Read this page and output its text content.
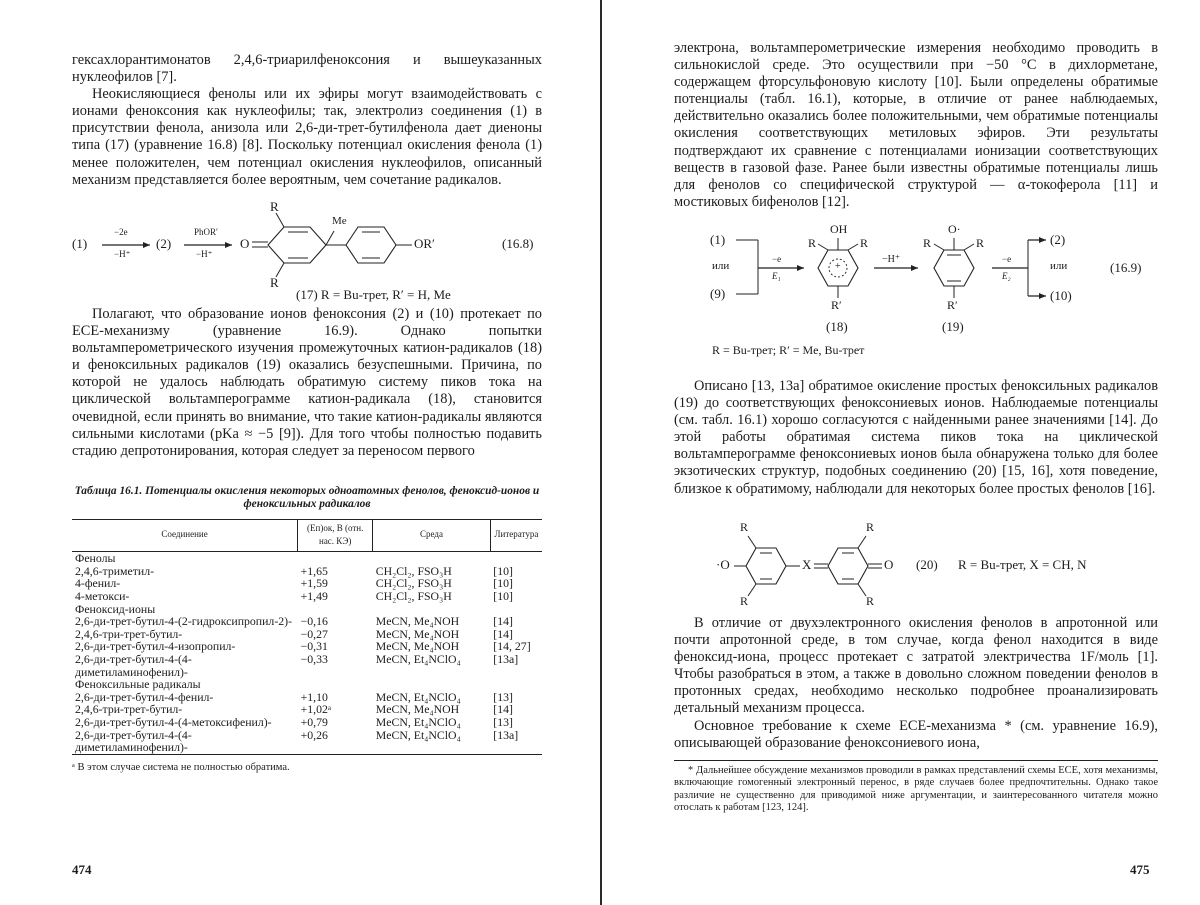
гексахлорантимонатов 2,4,6-триарилфеноксония и вышеуказанных нуклеофилов [7].

Неокисляющиеся фенолы или их эфиры могут взаимодействовать с ионами феноксония как нуклеофилы; так, электролиз соединения (1) в присутствии фенола, анизола или 2,6-ди-трет-бутилфенола дает диеноны типа (17) (уравнение 16.8) [8]. Поскольку потенциал окисления фенола (1) менее положителен, чем потенциал окисления нуклеофилов, описанный механизм представляется более вероятным, чем сочетание радикалов.

(1)
−2e
−H⁺
(2)
PhOR′
−H⁺
O
R
Me
R
OR′	(16.8)
(17) R = Bu-трет, R′ = H, Me

Полагают, что образование ионов феноксония (2) и (10) протекает по ECE-механизму (уравнение 16.9). Однако попытки вольтамперометрического изучения промежуточных катион-радикалов (18) и феноксильных радикалов (19) оказались безуспешными. Причина, по которой не удалось наблюдать обратимую систему пиков тока на циклической вольтамперограмме катион-радикала (18), становится очевидной, если принять во внимание, что такие катион-радикалы являются сильными кислотами (pKa ≈ −5 [9]). Для того чтобы полностью подавить стадию депротонирования, которая следует за переносом первого

Таблица 16.1. Потенциалы окисления некоторых одноатомных фенолов, феноксид-ионов и феноксильных радикалов
Соединение	(Eп)ок, В (отн. нас. КЭ)	Среда	Литература
Фенолы			
2,4,6-триметил-	+1,65	CH₂Cl₂, FSO₃H	[10]
4-фенил-	+1,59	CH₂Cl₂, FSO₃H	[10]
4-метокси-	+1,49	CH₂Cl₂, FSO₃H	[10]
Феноксид-ионы			
2,6-ди-трет-бутил-4-(2-гидроксипропил-2)-	−0,16	MeCN, Me₄NOH	[14]
2,4,6-три-трет-бутил-	−0,27	MeCN, Me₄NOH	[14]
2,6-ди-трет-бутил-4-изопропил-	−0,31	MeCN, Me₄NOH	[14, 27]
2,6-ди-трет-бутил-4-(4-диметиламинофенил)-	−0,33	MeCN, Et₄NClO₄	[13а]
Феноксильные радикалы			
2,6-ди-трет-бутил-4-фенил-	+1,10	MeCN, Et₄NClO₄	[13]
2,4,6-три-трет-бутил-	+1,02ᵃ	MeCN, Me₄NOH	[14]
2,6-ди-трет-бутил-4-(4-метоксифенил)-	+0,79	MeCN, Et₄NClO₄	[13]
2,6-ди-трет-бутил-4-(4-диметиламинофенил)-	+0,26	MeCN, Et₄NClO₄	[13а]
ᵃ В этом случае система не полностью обратима.
474

электрона, вольтамперометрические измерения необходимо проводить в сильнокислой среде. Это осуществили при −50 °C в дихлорметане, содержащем фторсульфоновую кислоту [10]. Были определены обратимые потенциалы (табл. 16.1), которые, в отличие от ранее наблюдаемых, действительно оказались более положительными, чем обратимые потенциалы окисления соответствующих метиловых эфиров. Эти результаты подтверждают их сравнение с потенциалами ионизации соответствующих веществ в газовой фазе. Ранее были известны обратимые потенциалы лишь для фенолов со специфической структурой — α-токоферола [11] и мостиковых бифенолов [12].

(1)
или
(9)
−e
E₁
OH
R	R
+
R′
(18)
−H⁺
O·
R	R
R′
(19)
−e
E₂
(2)
или
(10)
(16.9)
R = Bu-трет; R′ = Me, Bu-трет

Описано [13, 13а] обратимое окисление простых феноксильных радикалов (19) до соответствующих феноксониевых ионов. Наблюдаемые потенциалы (см. табл. 16.1) хорошо согласуются с найденными ранее значениями [14]. До этой работы обратимая система пиков тока на циклической вольтамперограмме феноксониевых ионов была обнаружена только для более экзотических структур, подобных соединению (20) [15, 16], хотя поведение, близкое к обратимому, наблюдали для некоторых более простых фенолов [16].

·O
R
R
X
R
R
O (20) R = Bu-трет, X = CH, N

В отличие от двухэлектронного окисления фенолов в апротонной или почти апротонной среде, в том случае, когда фенол находится в виде феноксид-иона, процесс протекает с затратой электричества 1F/моль [1]. Чтобы разобраться в этом, а также в довольно сложном поведении фенолов в протонных средах, необходимо несколько подробнее проанализировать детальный механизм процесса.

Основное требование к схеме ECE-механизма * (см. уравнение 16.9), описывающей образование феноксониевого иона,

* Дальнейшее обсуждение механизмов проводили в рамках представлений схемы ECE, хотя механизмы, включающие гомогенный электронный перенос, в ряде случаев более предпочтительны. Однако такое различие не существенно для приводимой ниже аргументации, и заинтересованного читателя можно отослать к работам [123, 124].
475
